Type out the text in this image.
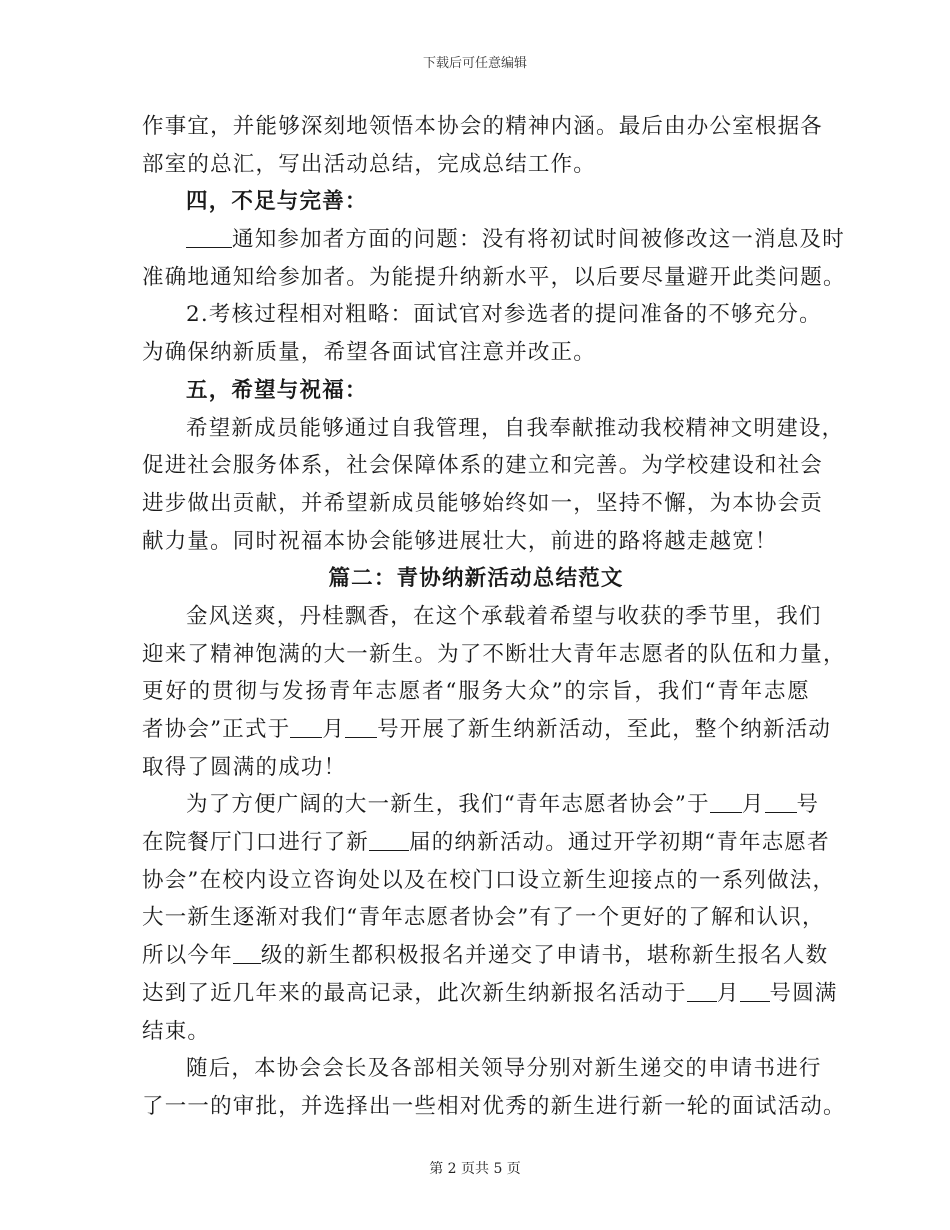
下载后可任意编辑
作事宜，并能够深刻地领悟本协会的精神内涵。最后由办公室根据各
部室的总汇，写出活动总结，完成总结工作。
四，不足与完善：
通知参加者方面的问题：没有将初试时间被修改这一消息及时
准确地通知给参加者。为能提升纳新水平，以后要尽量避开此类问题。
2.考核过程相对粗略：面试官对参选者的提问准备的不够充分。
为确保纳新质量，希望各面试官注意并改正。
五，希望与祝福：
希望新成员能够通过自我管理，自我奉献推动我校精神文明建设，
促进社会服务体系，社会保障体系的建立和完善。为学校建设和社会
进步做出贡献，并希望新成员能够始终如一，坚持不懈，为本协会贡
献力量。同时祝福本协会能够进展壮大，前进的路将越走越宽！
篇二：青协纳新活动总结范文
金风送爽，丹桂飘香，在这个承载着希望与收获的季节里，我们
迎来了精神饱满的大一新生。为了不断壮大青年志愿者的队伍和力量，
更好的贯彻与发扬青年志愿者“服务大众”的宗旨，我们“青年志愿
者协会”正式于 月 号开展了新生纳新活动，至此，整个纳新活动
取得了圆满的成功！
为了方便广阔的大一新生，我们“青年志愿者协会”于 月 号
在院餐厅门口进行了新 届的纳新活动。通过开学初期“青年志愿者
协会”在校内设立咨询处以及在校门口设立新生迎接点的一系列做法，
大一新生逐渐对我们“青年志愿者协会”有了一个更好的了解和认识，
所以今年 级的新生都积极报名并递交了申请书，堪称新生报名人数
达到了近几年来的最高记录，此次新生纳新报名活动于 月 号圆满
结束。
随后，本协会会长及各部相关领导分别对新生递交的申请书进行
了一一的审批，并选择出一些相对优秀的新生进行新一轮的面试活动。
第 2 页共 5 页
